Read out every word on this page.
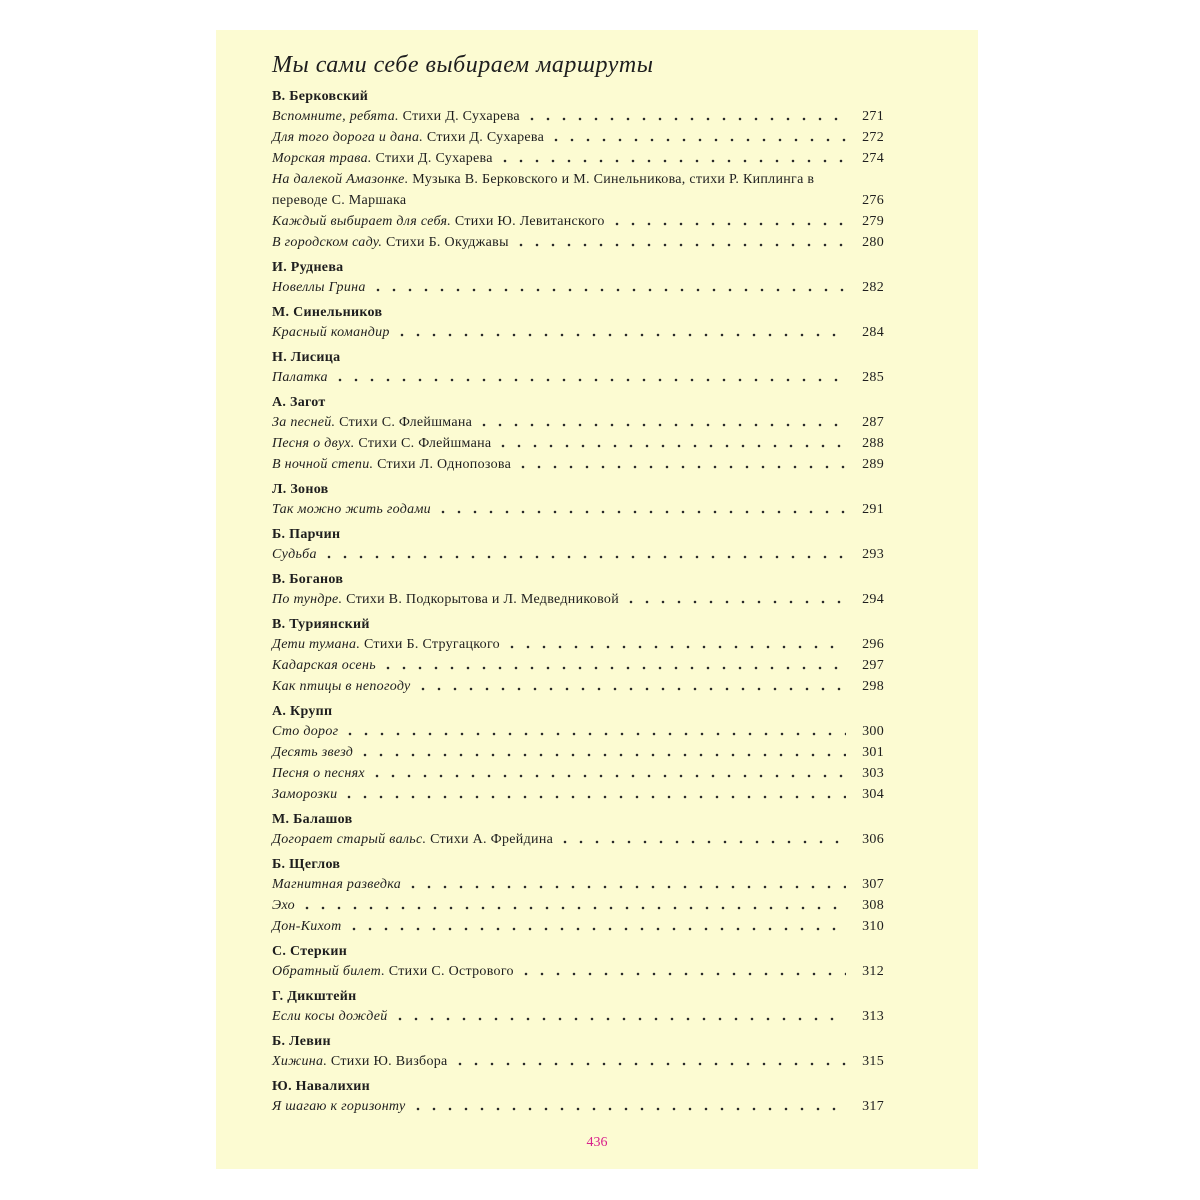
Мы сами себе выбираем маршруты
В. Берковский
Вспомните, ребята. Стихи Д. Сухарева	271
Для того дорога и дана. Стихи Д. Сухарева	272
Морская трава. Стихи Д. Сухарева	274
На далекой Амазонке. Музыка В. Берковского и М. Синельникова, стихи Р. Киплинга в переводе С. Маршака	276
Каждый выбирает для себя. Стихи Ю. Левитанского	279
В городском саду. Стихи Б. Окуджавы	280
И. Руднева
Новеллы Грина	282
М. Синельников
Красный командир	284
Н. Лисица
Палатка	285
А. Загот
За песней. Стихи С. Флейшмана	287
Песня о двух. Стихи С. Флейшмана	288
В ночной степи. Стихи Л. Однопозова	289
Л. Зонов
Так можно жить годами	291
Б. Парчин
Судьба	293
В. Боганов
По тундре. Стихи В. Подкорытова и Л. Медведниковой	294
В. Туриянский
Дети тумана. Стихи Б. Стругацкого	296
Кадарская осень	297
Как птицы в непогоду	298
А. Крупп
Сто дорог	300
Десять звезд	301
Песня о песнях	303
Заморозки	304
М. Балашов
Догорает старый вальс. Стихи А. Фрейдина	306
Б. Щеглов
Магнитная разведка	307
Эхо	308
Дон-Кихот	310
С. Стеркин
Обратный билет. Стихи С. Острового	312
Г. Дикштейн
Если косы дождей	313
Б. Левин
Хижина. Стихи Ю. Визбора	315
Ю. Навалихин
Я шагаю к горизонту	317
436
